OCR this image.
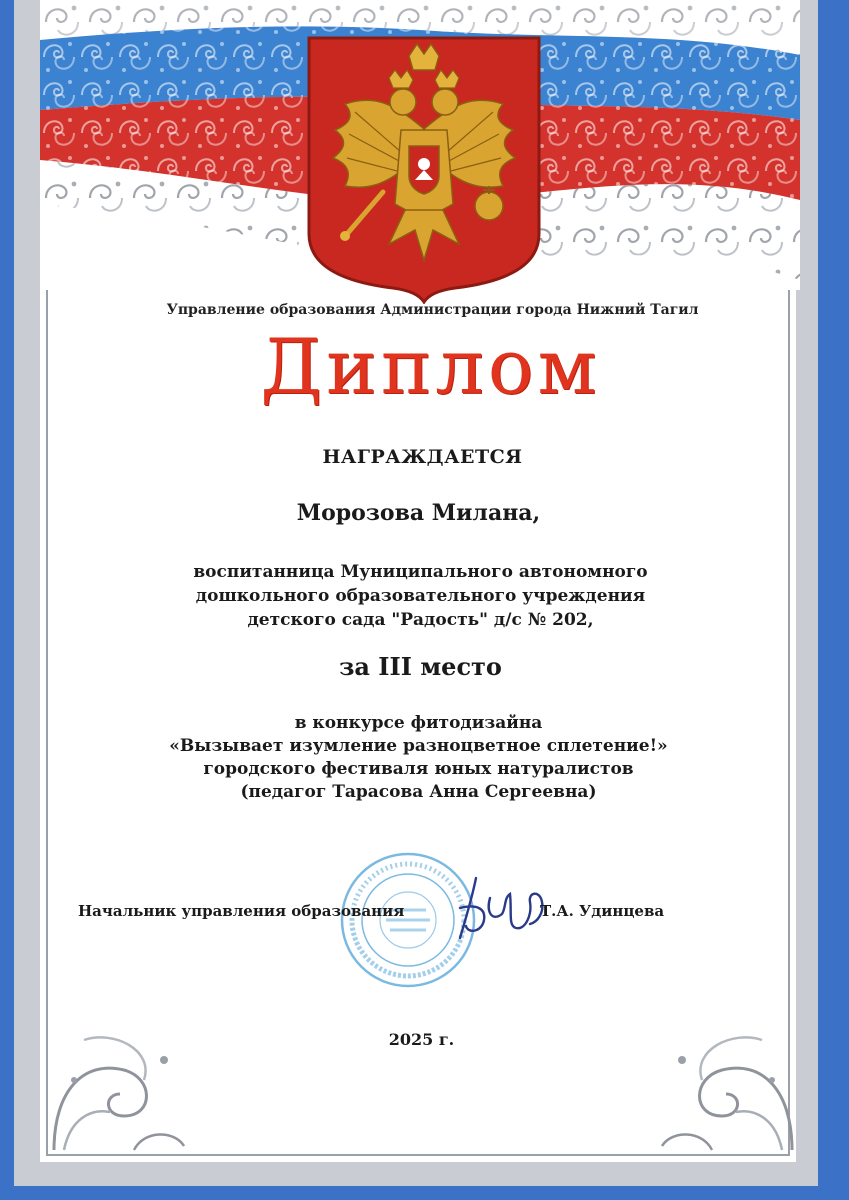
Управление образования Администрации города Нижний Тагил
Диплом
НАГРАЖДАЕТСЯ
Морозова Милана,
воспитанница Муниципального автономного
дошкольного образовательного учреждения
детского сада "Радость" д/с № 202,
за III место
в конкурсе фитодизайна
«Вызывает изумление разноцветное сплетение!»
городского фестиваля юных натуралистов
(педагог Тарасова Анна Сергеевна)
Начальник управления образования	Т.А. Удинцева
2025 г.
